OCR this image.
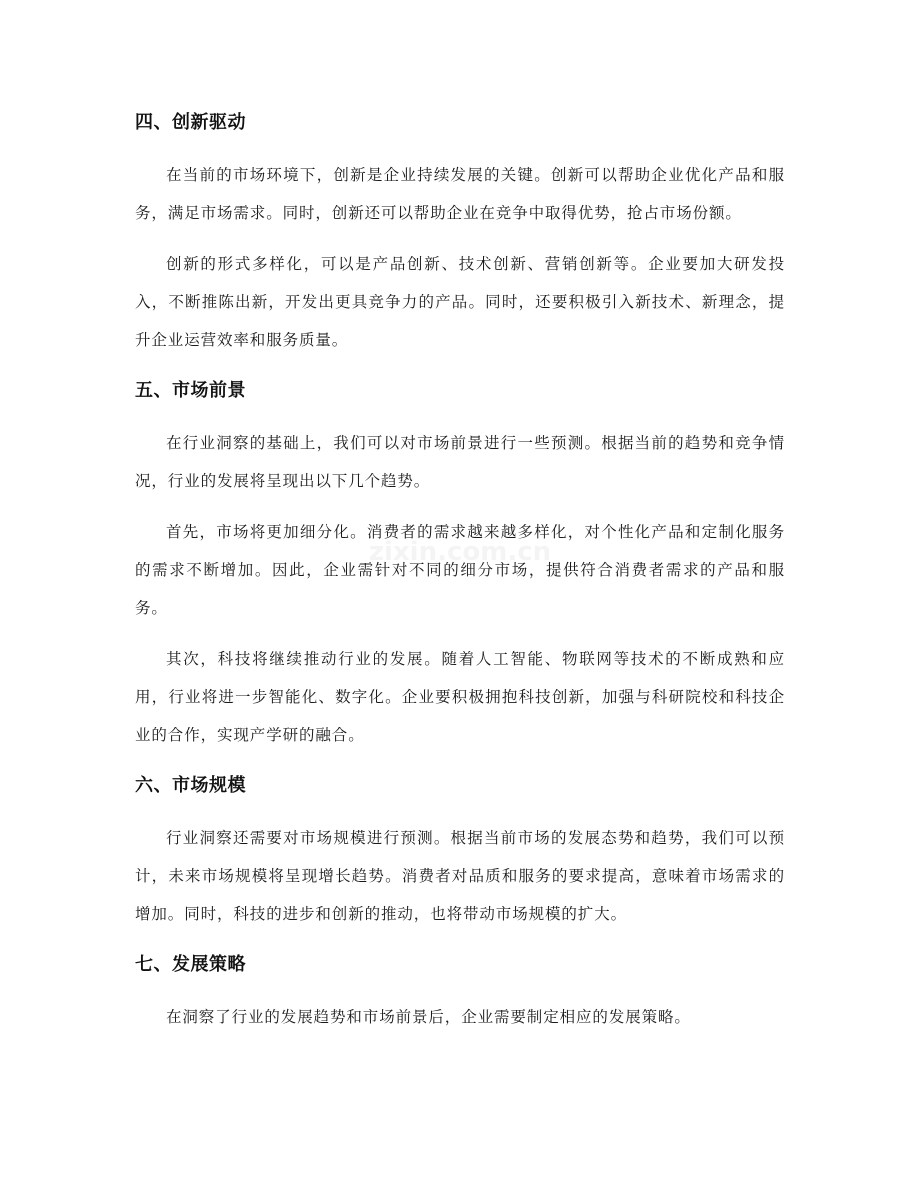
四、创新驱动

在当前的市场环境下，创新是企业持续发展的关键。创新可以帮助企业优化产品和服务，满足市场需求。同时，创新还可以帮助企业在竞争中取得优势，抢占市场份额。

创新的形式多样化，可以是产品创新、技术创新、营销创新等。企业要加大研发投入，不断推陈出新，开发出更具竞争力的产品。同时，还要积极引入新技术、新理念，提升企业运营效率和服务质量。

五、市场前景

在行业洞察的基础上，我们可以对市场前景进行一些预测。根据当前的趋势和竞争情况，行业的发展将呈现出以下几个趋势。

首先，市场将更加细分化。消费者的需求越来越多样化，对个性化产品和定制化服务的需求不断增加。因此，企业需针对不同的细分市场，提供符合消费者需求的产品和服务。

其次，科技将继续推动行业的发展。随着人工智能、物联网等技术的不断成熟和应用，行业将进一步智能化、数字化。企业要积极拥抱科技创新，加强与科研院校和科技企业的合作，实现产学研的融合。

六、市场规模

行业洞察还需要对市场规模进行预测。根据当前市场的发展态势和趋势，我们可以预计，未来市场规模将呈现增长趋势。消费者对品质和服务的要求提高，意味着市场需求的增加。同时，科技的进步和创新的推动，也将带动市场规模的扩大。

七、发展策略

在洞察了行业的发展趋势和市场前景后，企业需要制定相应的发展策略。

zixin.com.cn
